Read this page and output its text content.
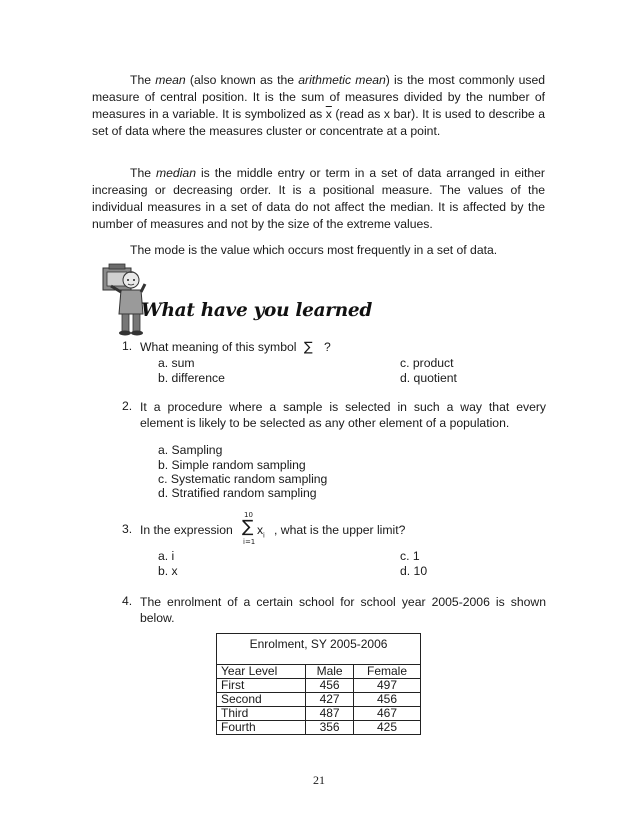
The mean (also known as the arithmetic mean) is the most commonly used measure of central position. It is the sum of measures divided by the number of measures in a variable. It is symbolized as $\overline{x}$ (read as x bar). It is used to describe a set of data where the measures cluster or concentrate at a point.

The median is the middle entry or term in a set of data arranged in either increasing or decreasing order. It is a positional measure. The values of the individual measures in a set of data do not affect the median. It is affected by the number of measures and not by the size of the extreme values.

The mode is the value which occurs most frequently in a set of data.

What have you learned
1. What meaning of this symbol ∑ ?
a. sum
b. difference
c. product
d. quotient
2. It a procedure where a sample is selected in such a way that every element is likely to be selected as any other element of a population.
a. Sampling
b. Simple random sampling
c. Systematic random sampling
d. Stratified random sampling
3. In the expression
10
∑
i=1
$x_i$ , what is the upper limit?
a. i
b. x
c. 1
d. 10
4. The enrolment of a certain school for school year 2005-2006 is shown below.
Enrolment, SY 2005-2006		
Year Level	Male	Female
First	456	497
Second	427	456
Third	487	467
Fourth	356	425
21
